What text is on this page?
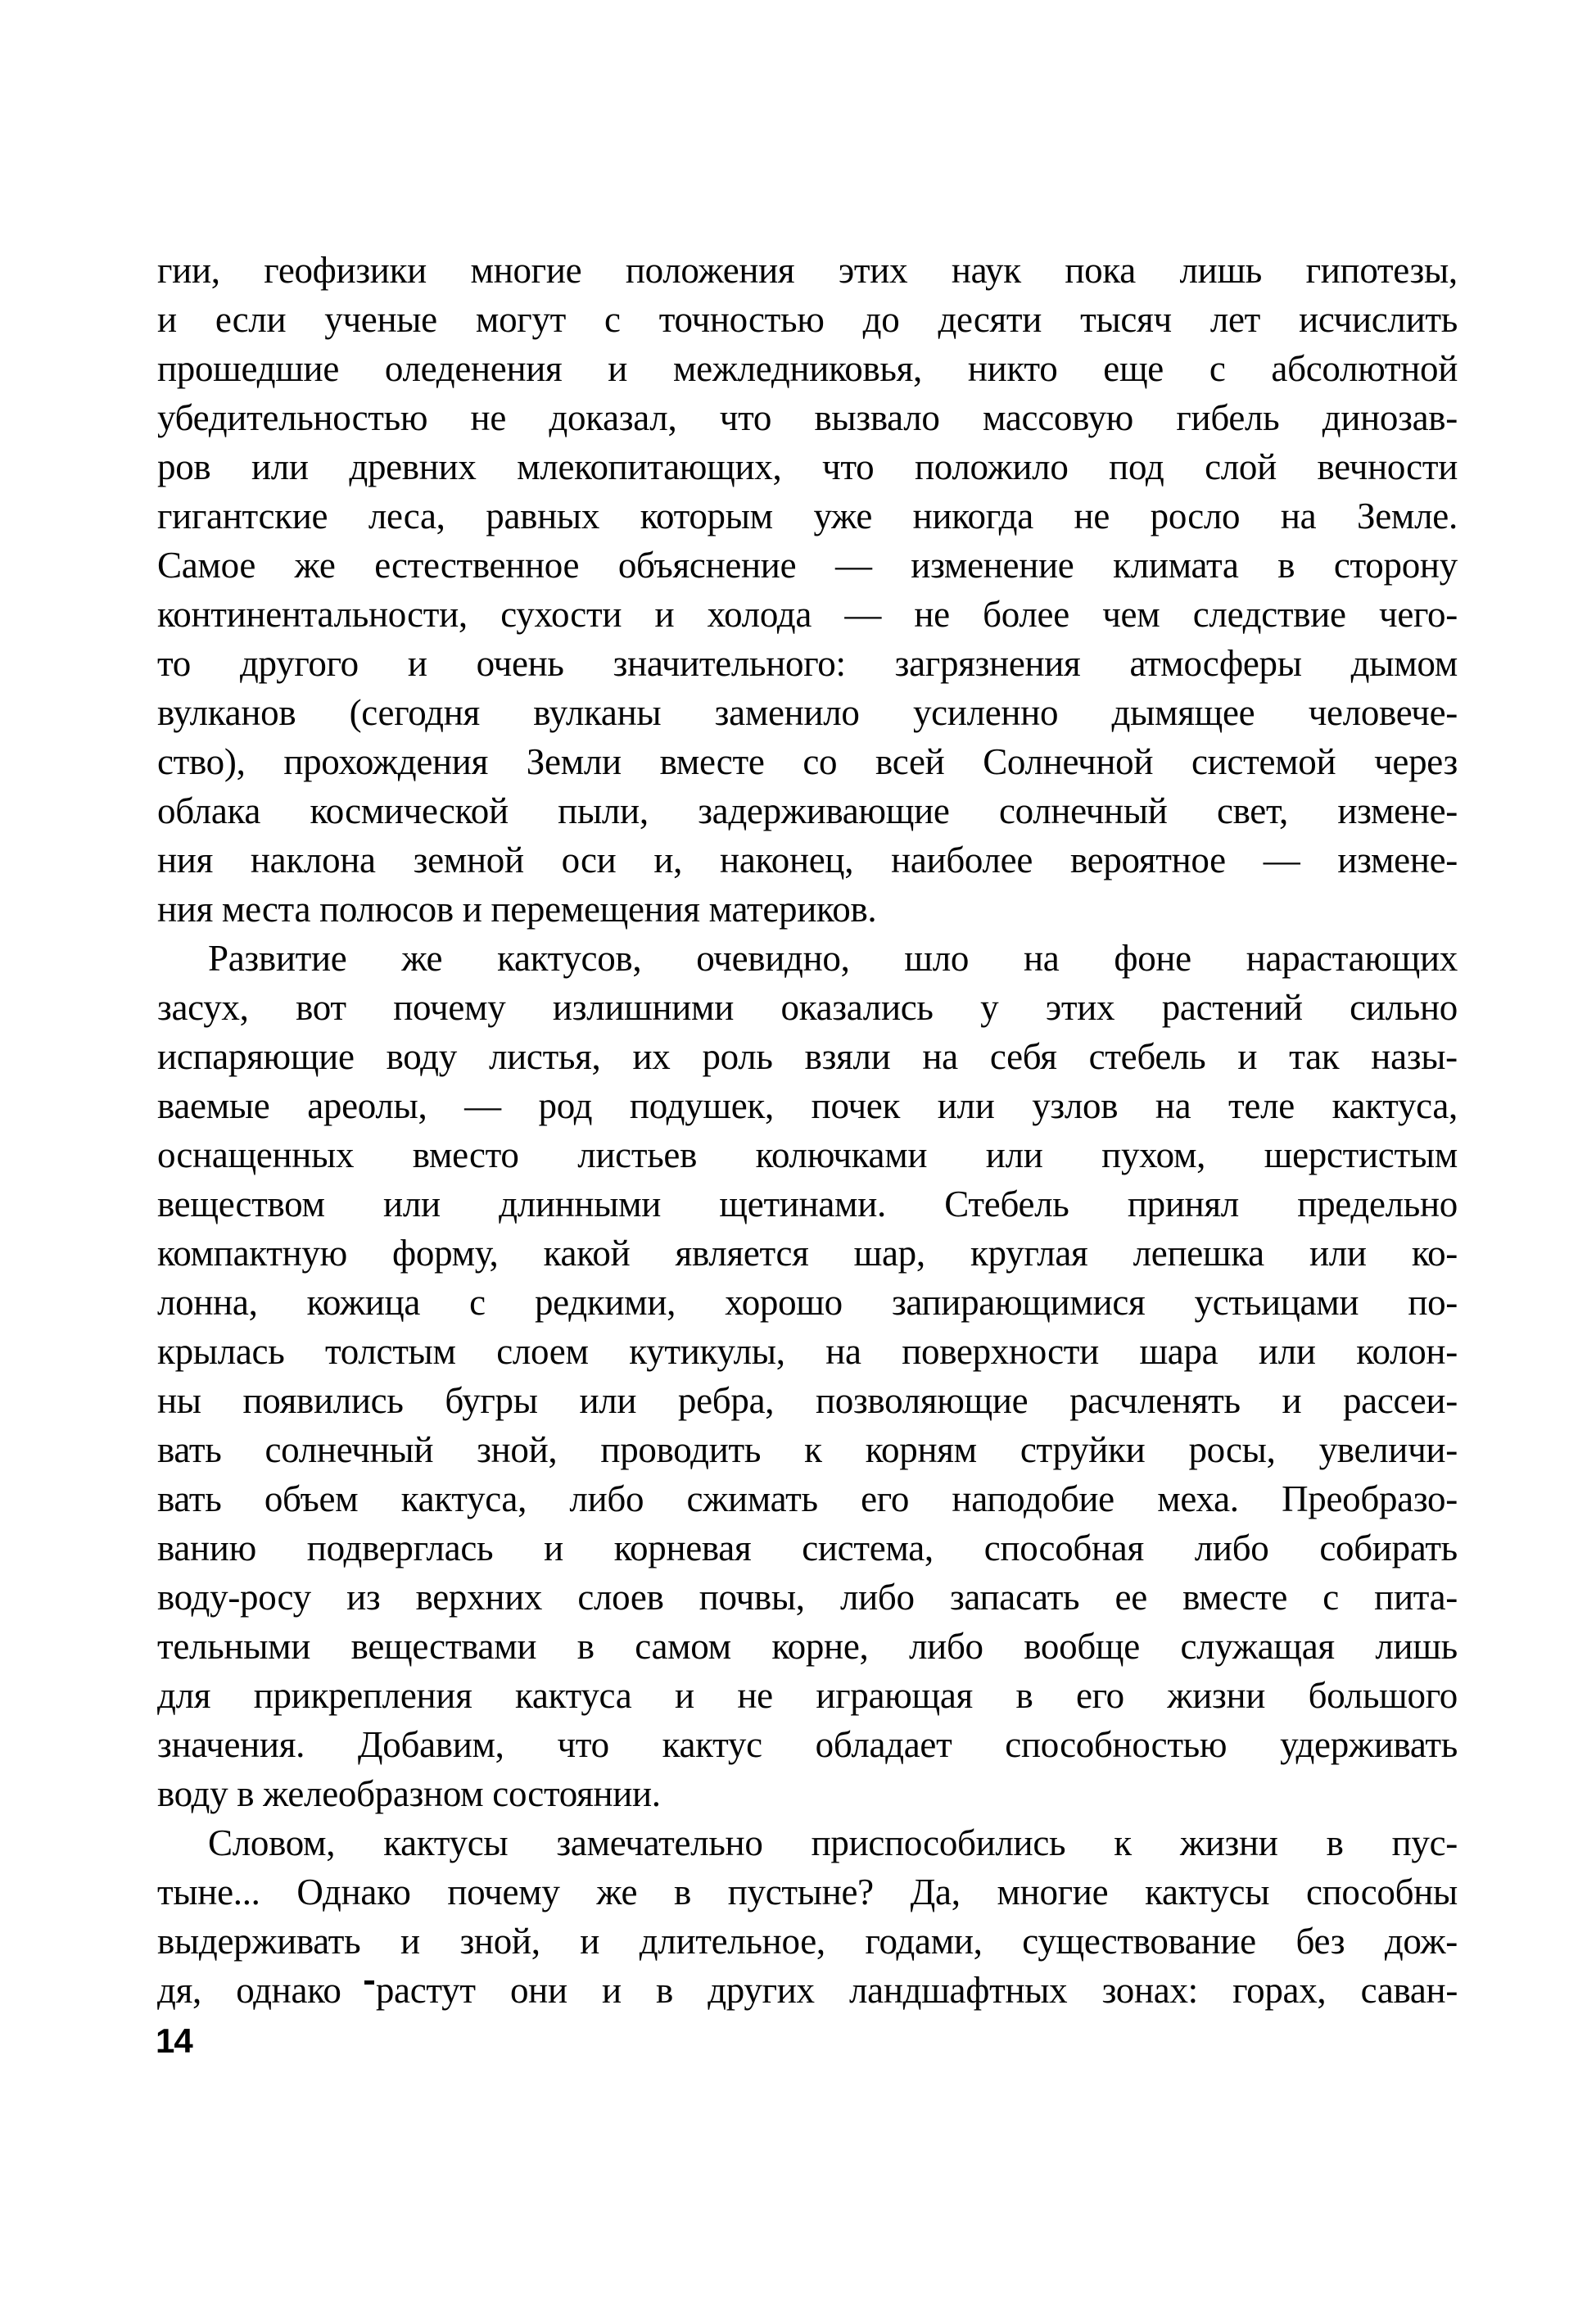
гии, геофизики многие положения этих наук пока лишь гипотезы,
и если ученые могут с точностью до десяти тысяч лет исчислить
прошедшие оледенения и межледниковья, никто еще с абсолютной
убедительностью не доказал, что вызвало массовую гибель динозав-
ров или древних млекопитающих, что положило под слой вечности
гигантские леса, равных которым уже никогда не росло на Земле.
Самое же естественное объяснение — изменение климата в сторону
континентальности, сухости и холода — не более чем следствие чего-
то другого и очень значительного: загрязнения атмосферы дымом
вулканов (сегодня вулканы заменило усиленно дымящее человече-
ство), прохождения Земли вместе со всей Солнечной системой через
облака космической пыли, задерживающие солнечный свет, измене-
ния наклона земной оси и, наконец, наиболее вероятное — измене-
ния места полюсов и перемещения материков.
Развитие же кактусов, очевидно, шло на фоне нарастающих
засух, вот почему излишними оказались у этих растений сильно
испаряющие воду листья, их роль взяли на себя стебель и так назы-
ваемые ареолы, — род подушек, почек или узлов на теле кактуса,
оснащенных вместо листьев колючками или пухом, шерстистым
веществом или длинными щетинами. Стебель принял предельно
компактную форму, какой является шар, круглая лепешка или ко-
лонна, кожица с редкими, хорошо запирающимися устьицами по-
крылась толстым слоем кутикулы, на поверхности шара или колон-
ны появились бугры или ребра, позволяющие расчленять и рассеи-
вать солнечный зной, проводить к корням струйки росы, увеличи-
вать объем кактуса, либо сжимать его наподобие меха. Преобразо-
ванию подверглась и корневая система, способная либо собирать
воду-росу из верхних слоев почвы, либо запасать ее вместе с пита-
тельными веществами в самом корне, либо вообще служащая лишь
для прикрепления кактуса и не играющая в его жизни большого
значения. Добавим, что кактус обладает способностью удерживать
воду в желеобразном состоянии.
Словом, кактусы замечательно приспособились к жизни в пус-
тыне... Однако почему же в пустыне? Да, многие кактусы способны
выдерживать и зной, и длительное, годами, существование без дож-
дя, однако растут они и в других ландшафтных зонах: горах, саван-
14
